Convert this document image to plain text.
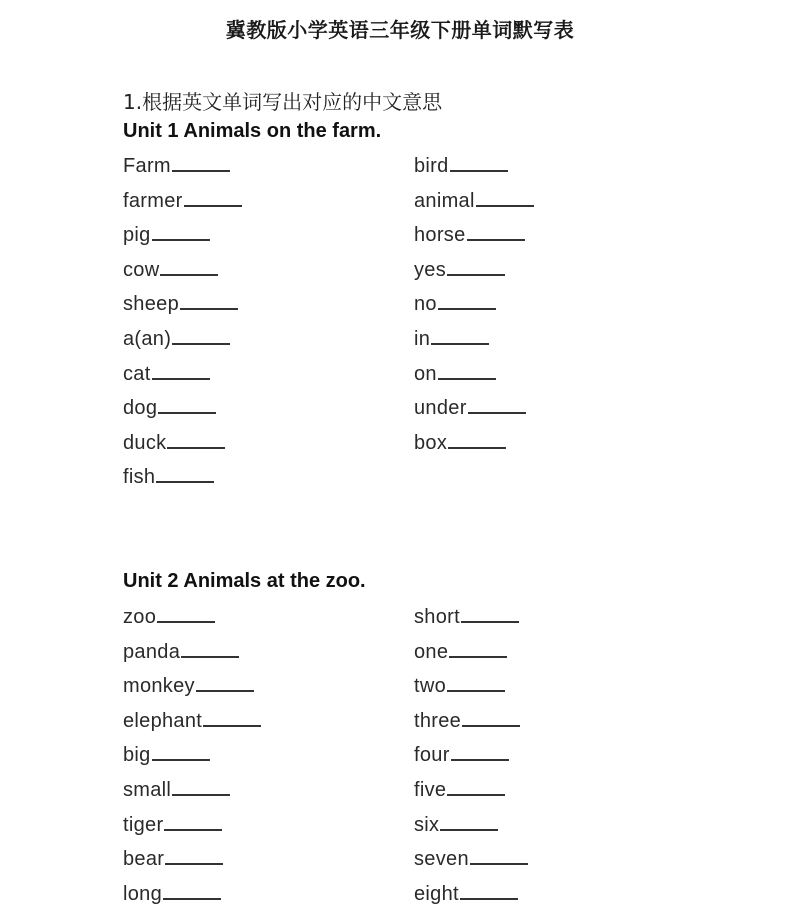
冀教版小学英语三年级下册单词默写表
1.根据英文单词写出对应的中文意思
Unit 1 Animals on the farm.
Farm	bird
farmer	animal
pig	horse
cow	yes
sheep	no
a(an)	in
cat	on
dog	under
duck	box
fish
Unit 2 Animals at the zoo.
zoo	short
panda	one
monkey	two
elephant	three
big	four
small	five
tiger	six
bear	seven
long	eight
